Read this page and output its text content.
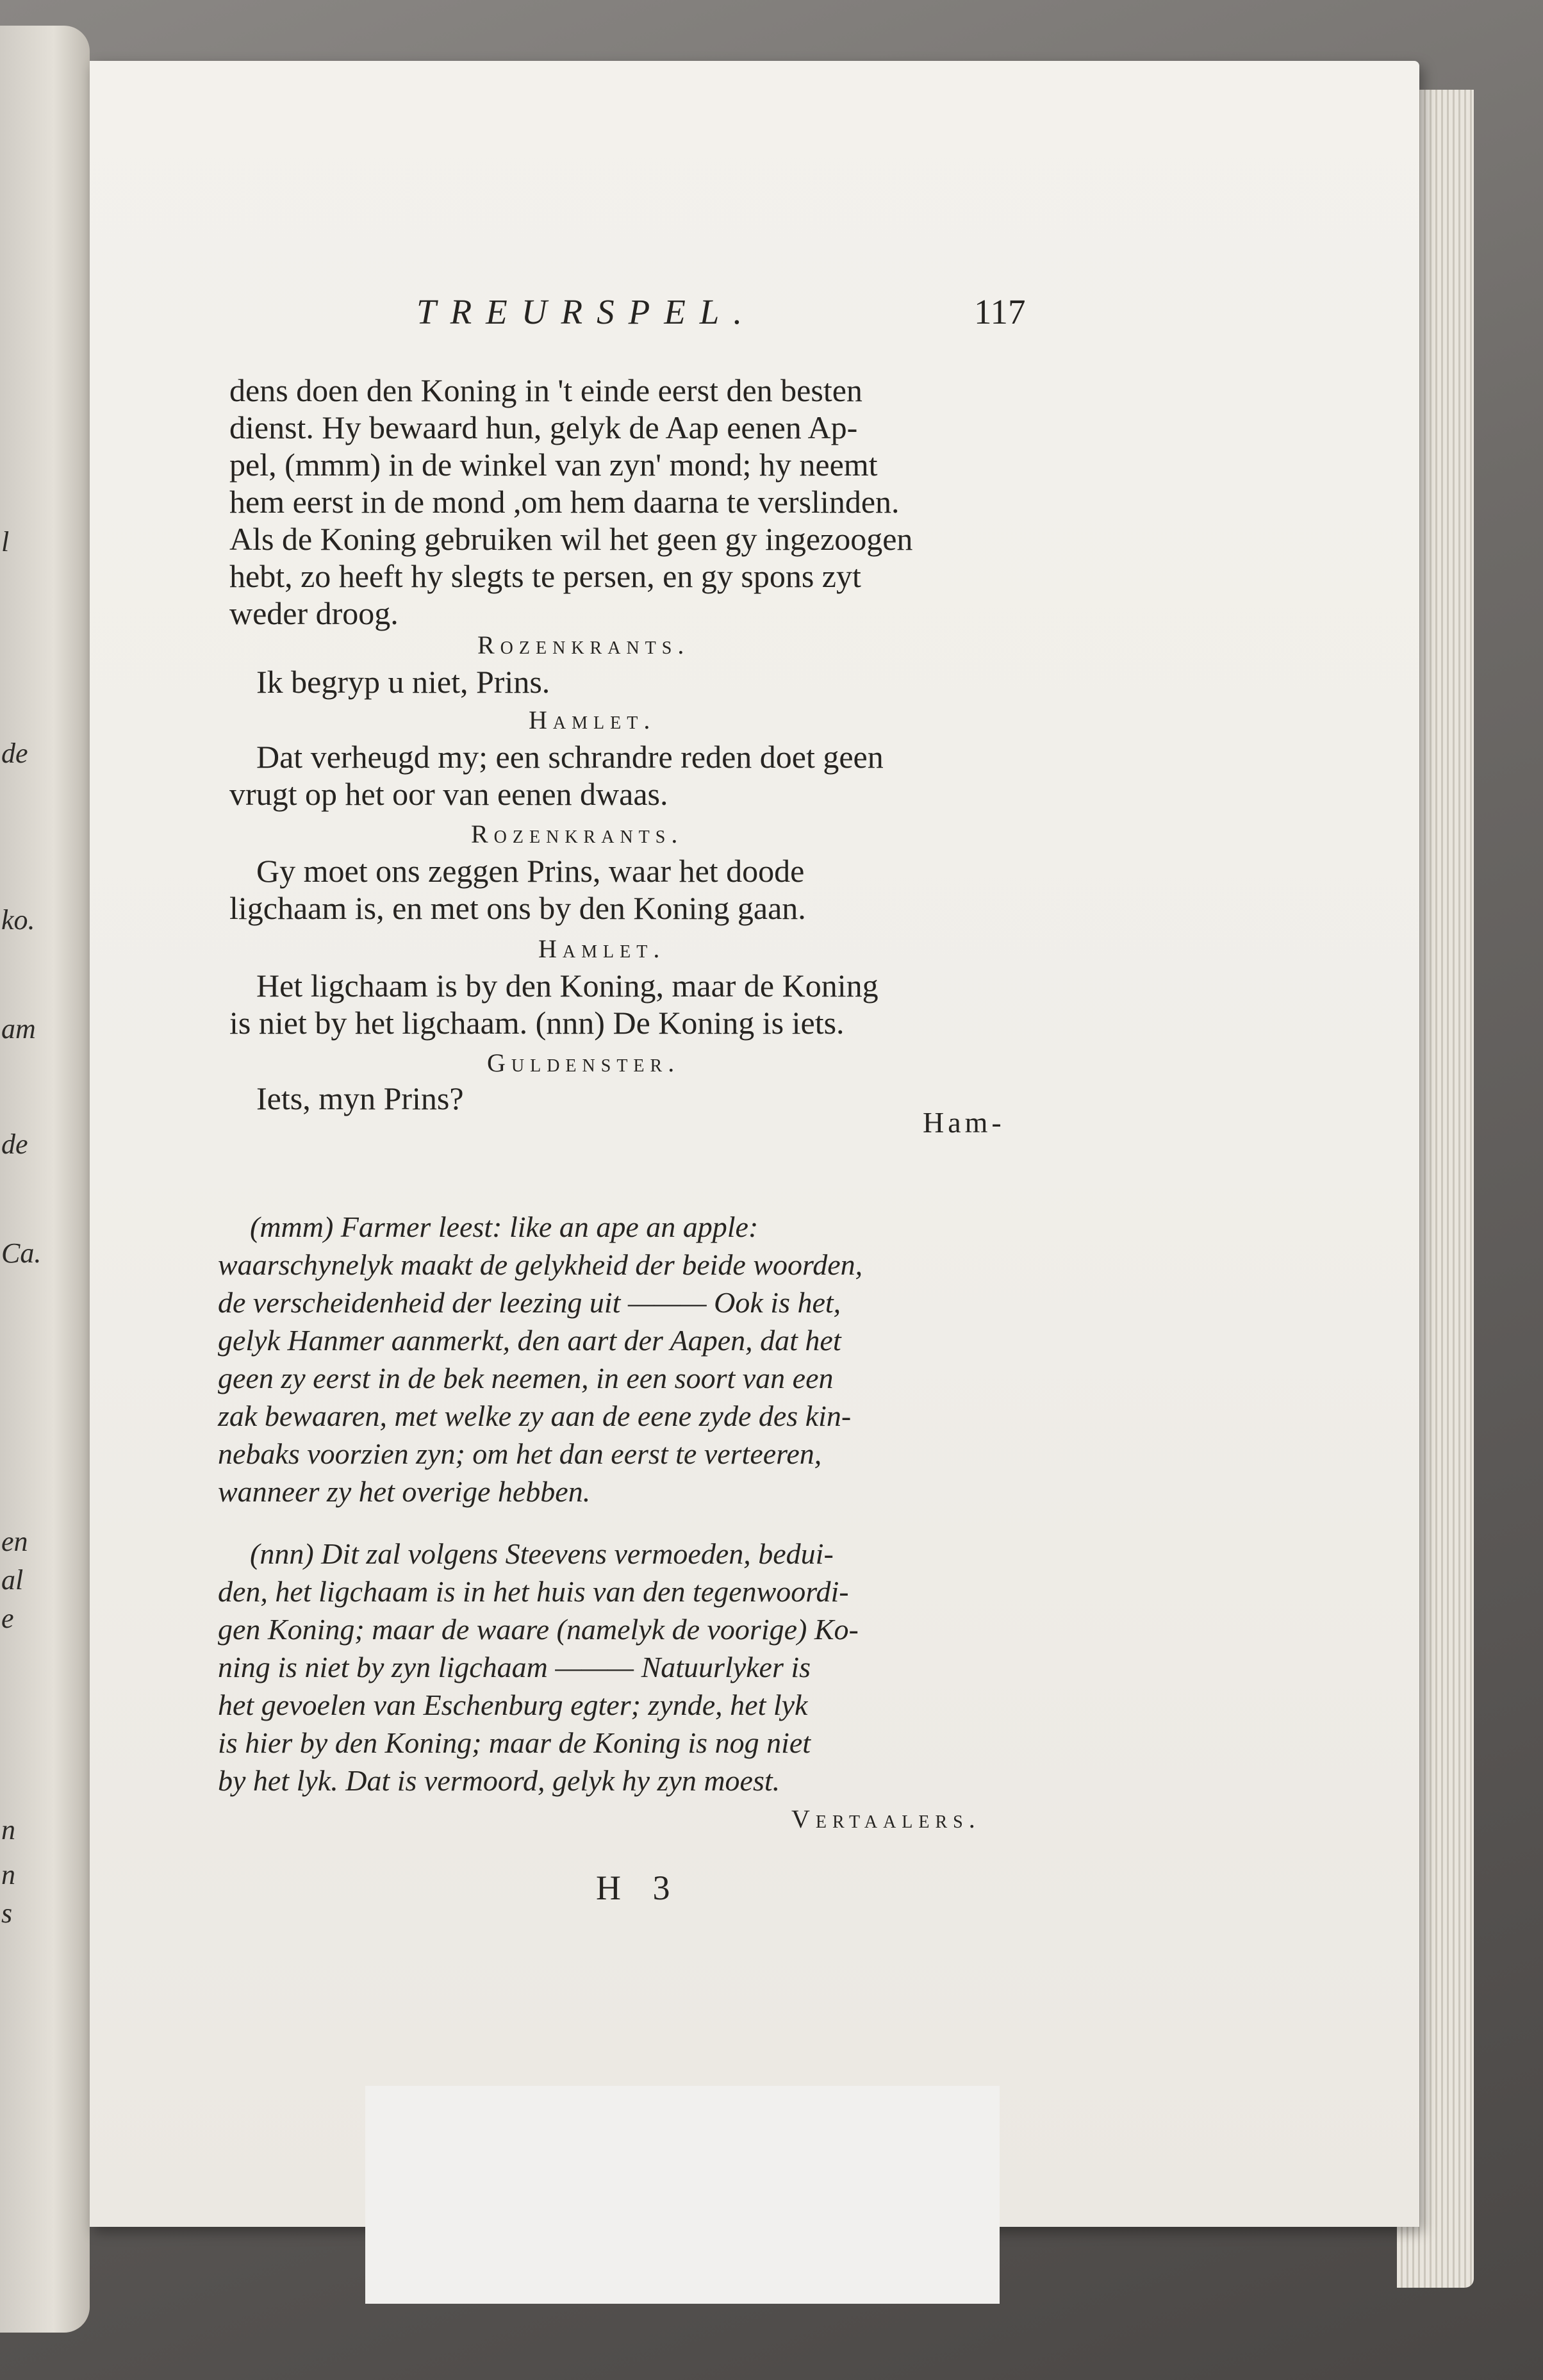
l
de
ko.
am
de
Ca.
en
al
e
n
n
s
TREURSPEL.	117
dens doen den Koning in 't einde eerst den besten
dienst. Hy bewaard hun, gelyk de Aap eenen Ap-
pel, (mmm) in de winkel van zyn' mond; hy neemt
hem eerst in de mond ,om hem daarna te verslinden.
Als de Koning gebruiken wil het geen gy ingezoogen
hebt, zo heeft hy slegts te persen, en gy spons zyt
weder droog.
Rozenkrants.
Ik begryp u niet, Prins.
Hamlet.
Dat verheugd my; een schrandre reden doet geen
vrugt op het oor van eenen dwaas.
Rozenkrants.
Gy moet ons zeggen Prins, waar het doode
ligchaam is, en met ons by den Koning gaan.
Hamlet.
Het ligchaam is by den Koning, maar de Koning
is niet by het ligchaam. (nnn) De Koning is iets.
Guldenster.
Iets, myn Prins?
Ham-
(mmm) Farmer leest: like an ape an apple:
waarschynelyk maakt de gelykheid der beide woorden,
de verscheidenheid der leezing uit ——— Ook is het,
gelyk Hanmer aanmerkt, den aart der Aapen, dat het
geen zy eerst in de bek neemen, in een soort van een
zak bewaaren, met welke zy aan de eene zyde des kin-
nebaks voorzien zyn; om het dan eerst te verteeren,
wanneer zy het overige hebben.
(nnn) Dit zal volgens Steevens vermoeden, bedui-
den, het ligchaam is in het huis van den tegenwoordi-
gen Koning; maar de waare (namelyk de voorige) Ko-
ning is niet by zyn ligchaam ——— Natuurlyker is
het gevoelen van Eschenburg egter; zynde, het lyk
is hier by den Koning; maar de Koning is nog niet
by het lyk. Dat is vermoord, gelyk hy zyn moest.
Vertaalers.
H 3
